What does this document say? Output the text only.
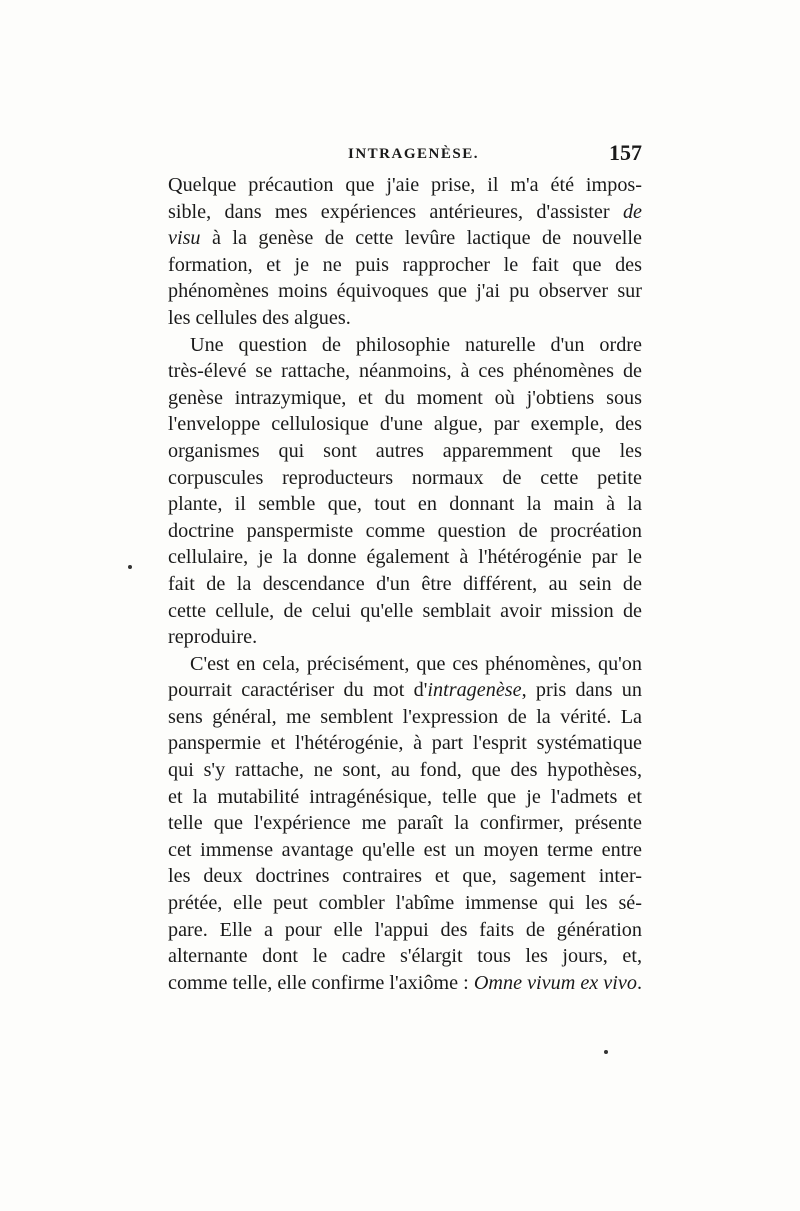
INTRAGENÈSE.	157
Quelque précaution que j'aie prise, il m'a été impos-
sible, dans mes expériences antérieures, d'assister de
visu à la genèse de cette levûre lactique de nouvelle
formation, et je ne puis rapprocher le fait que des
phénomènes moins équivoques que j'ai pu observer sur
les cellules des algues.
Une question de philosophie naturelle d'un ordre
très-élevé se rattache, néanmoins, à ces phénomènes de
genèse intrazymique, et du moment où j'obtiens sous
l'enveloppe cellulosique d'une algue, par exemple, des
organismes qui sont autres apparemment que les
corpuscules reproducteurs normaux de cette petite
plante, il semble que, tout en donnant la main à la
doctrine panspermiste comme question de procréation
cellulaire, je la donne également à l'hétérogénie par le
fait de la descendance d'un être différent, au sein de
cette cellule, de celui qu'elle semblait avoir mission de
reproduire.
C'est en cela, précisément, que ces phénomènes, qu'on
pourrait caractériser du mot d'intragenèse, pris dans un
sens général, me semblent l'expression de la vérité. La
panspermie et l'hétérogénie, à part l'esprit systématique
qui s'y rattache, ne sont, au fond, que des hypothèses,
et la mutabilité intragénésique, telle que je l'admets et
telle que l'expérience me paraît la confirmer, présente
cet immense avantage qu'elle est un moyen terme entre
les deux doctrines contraires et que, sagement inter-
prétée, elle peut combler l'abîme immense qui les sé-
pare. Elle a pour elle l'appui des faits de génération
alternante dont le cadre s'élargit tous les jours, et,
comme telle, elle confirme l'axiôme : Omne vivum ex vivo.
